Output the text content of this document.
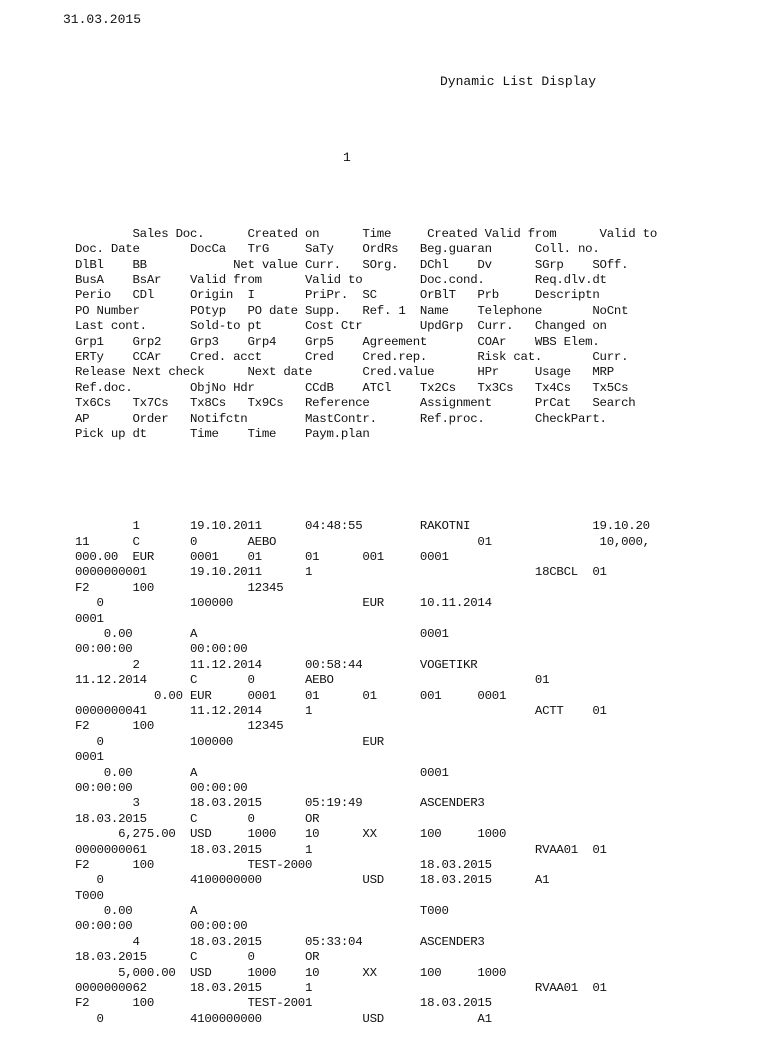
31.03.2015
Dynamic List Display
1

Sales Doc.      Created on      Time     Created Valid from      Valid to
Doc. Date       DocCa   TrG     SaTy    OrdRs   Beg.guaran      Coll. no.
DlBl    BB            Net value Curr.   SOrg.   DChl    Dv      SGrp    SOff.
BusA    BsAr    Valid from      Valid to        Doc.cond.       Req.dlv.dt
Perio   CDl     Origin  I       PriPr.  SC      OrBlT   Prb     Descriptn
PO Number       POtyp   PO date Supp.   Ref. 1  Name    Telephone       NoCnt
Last cont.      Sold-to pt      Cost Ctr        UpdGrp  Curr.   Changed on
Grp1    Grp2    Grp3    Grp4    Grp5    Agreement       COAr    WBS Elem.
ERTy    CCAr    Cred. acct      Cred    Cred.rep.       Risk cat.       Curr.
Release Next check      Next date       Cred.value      HPr     Usage   MRP
Ref.doc.        ObjNo Hdr       CCdB    ATCl    Tx2Cs   Tx3Cs   Tx4Cs   Tx5Cs
Tx6Cs   Tx7Cs   Tx8Cs   Tx9Cs   Reference       Assignment      PrCat   Search
AP      Order   Notifctn        MastContr.      Ref.proc.       CheckPart.
Pick up dt      Time    Time    Paym.plan

1       19.10.2011      04:48:55        RAKOTNI                 19.10.20
11      C       0       AEBO                            01               10,000,
000.00  EUR     0001    01      01      001     0001
0000000001      19.10.2011      1                               18CBCL  01
F2      100             12345
0            100000                  EUR     10.11.2014
0001
0.00        A                               0001
00:00:00        00:00:00
2       11.12.2014      00:58:44        VOGETIKR
11.12.2014      C       0       AEBO                            01
0.00 EUR     0001    01      01      001     0001
0000000041      11.12.2014      1                               ACTT    01
F2      100             12345
0            100000                  EUR
0001
0.00        A                               0001
00:00:00        00:00:00
3       18.03.2015      05:19:49        ASCENDER3
18.03.2015      C       0       OR
6,275.00  USD     1000    10      XX      100     1000
0000000061      18.03.2015      1                               RVAA01  01
F2      100             TEST-2000               18.03.2015
0            4100000000              USD     18.03.2015      A1
T000
0.00        A                               T000
00:00:00        00:00:00
4       18.03.2015      05:33:04        ASCENDER3
18.03.2015      C       0       OR
5,000.00  USD     1000    10      XX      100     1000
0000000062      18.03.2015      1                               RVAA01  01
F2      100             TEST-2001               18.03.2015
0            4100000000              USD             A1
